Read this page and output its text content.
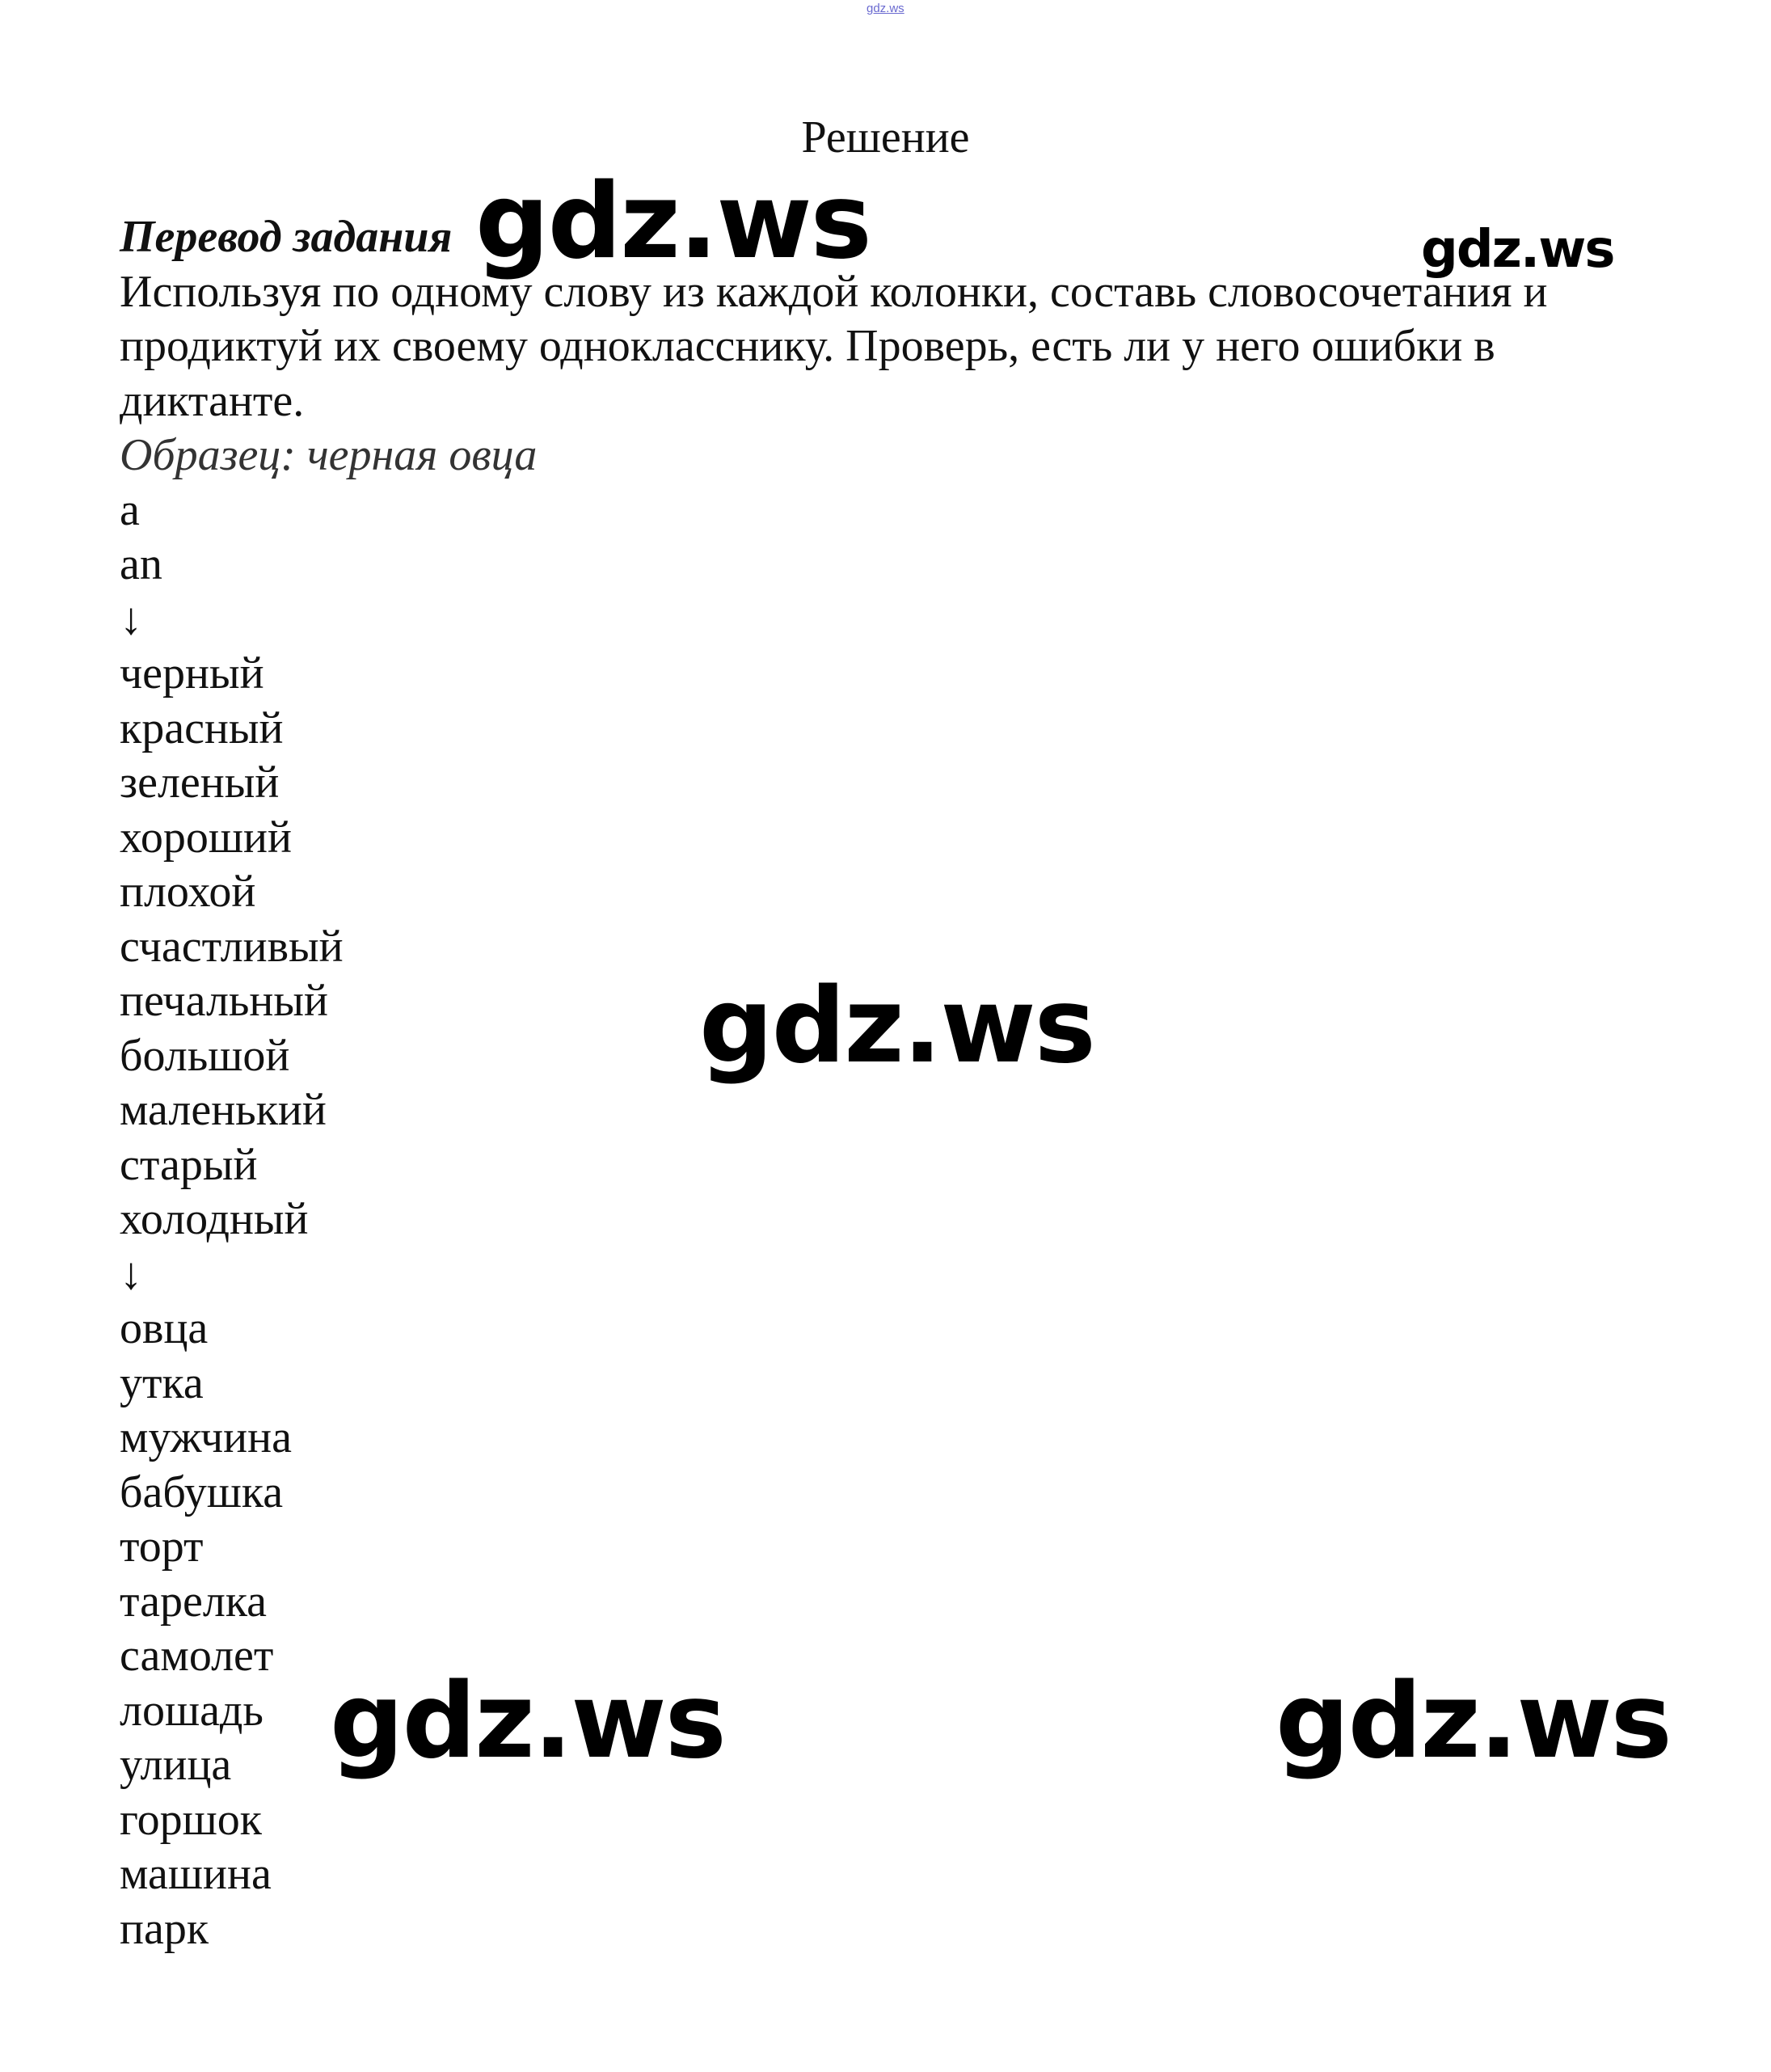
gdz.ws
Решение
Перевод задания

Используя по одному слову из каждой колонки, составь словосочетания и продиктуй их своему однокласснику. Проверь, есть ли у него ошибки в диктанте.

Образец: черная овца
a
an
↓
черный
красный
зеленый
хороший
плохой
счастливый
печальный
большой
маленький
старый
холодный
↓
овца
утка
мужчина
бабушка
торт
тарелка
самолет
лошадь
улица
горшок
машина
парк
gdz.ws	gdz.ws
gdz.ws
gdz.ws	gdz.ws
